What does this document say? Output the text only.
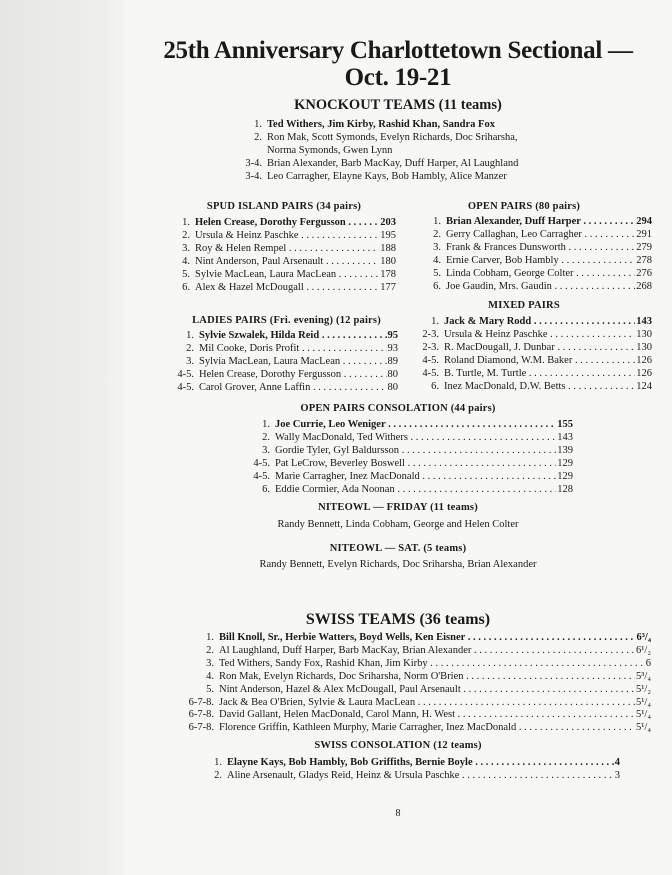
25th Anniversary Charlottetown Sectional —
Oct. 19-21
KNOCKOUT TEAMS (11 teams)
1. Ted Withers, Jim Kirby, Rashid Khan, Sandra Fox
2. Ron Mak, Scott Symonds, Evelyn Richards, Doc Sriharsha,
Norma Symonds, Gwen Lynn
3-4. Brian Alexander, Barb MacKay, Duff Harper, Al Laughland
3-4. Leo Carragher, Elayne Kays, Bob Hambly, Alice Manzer
SPUD ISLAND PAIRS (34 pairs)
1. Helen Crease, Dorothy Fergusson . . .	203
2. Ursula & Heinz Paschke . . .	195
3. Roy & Helen Rempel . . .	188
4. Nint Anderson, Paul Arsenault . . .	180
5. Sylvie MacLean, Laura MacLean . . .	178
6. Alex & Hazel McDougall . . .	177
OPEN PAIRS (80 pairs)
1. Brian Alexander, Duff Harper . . .	294
2. Gerry Callaghan, Leo Carragher . . .	291
3. Frank & Frances Dunsworth . . .	279
4. Ernie Carver, Bob Hambly . . .	278
5. Linda Cobham, George Colter . . .	276
6. Joe Gaudin, Mrs. Gaudin . . .	268
LADIES PAIRS (Fri. evening) (12 pairs)
1. Sylvie Szwalek, Hilda Reid . . .	95
2. Mil Cooke, Doris Profit . . .	93
3. Sylvia MacLean, Laura MacLean . . .	89
4-5. Helen Crease, Dorothy Fergusson . . .	80
4-5. Carol Grover, Anne Laffin . . .	80
MIXED PAIRS
1. Jack & Mary Rodd . . .	143
2-3. Ursula & Heinz Paschke . . .	130
2-3. R. MacDougall, J. Dunbar . . .	130
4-5. Roland Diamond, W.M. Baker . . .	126
4-5. B. Turtle, M. Turtle . . .	126
6. Inez MacDonald, D.W. Betts . . .	124
OPEN PAIRS CONSOLATION (44 pairs)
1. Joe Currie, Leo Weniger . . .	155
2. Wally MacDonald, Ted Withers . . .	143
3. Gordie Tyler, Gyl Baldursson . . .	139
4-5. Pat LeCrow, Beverley Boswell . . .	129
4-5. Marie Carragher, Inez MacDonald . . .	129
6. Eddie Cormier, Ada Noonan . . .	128
NITEOWL — FRIDAY (11 teams)
Randy Bennett, Linda Cobham, George and Helen Colter
NITEOWL — SAT. (5 teams)
Randy Bennett, Evelyn Richards, Doc Sriharsha, Brian Alexander
SWISS TEAMS (36 teams)
1. Bill Knoll, Sr., Herbie Watters, Boyd Wells, Ken Eisner . . .	6³/₄
2. Al Laughland, Duff Harper, Barb MacKay, Brian Alexander . . .	6¹/₂
3. Ted Withers, Sandy Fox, Rashid Khan, Jim Kirby . . .	6
4. Ron Mak, Evelyn Richards, Doc Sriharsha, Norm O'Brien . . .	5³/₄
5. Nint Anderson, Hazel & Alex McDougall, Paul Arsenault . . .	5¹/₂
6-7-8. Jack & Bea O'Brien, Sylvie & Laura MacLean . . .	5¹/₄
6-7-8. David Gallant, Helen MacDonald, Carol Mann, H. West . . .	5¹/₄
6-7-8. Florence Griffin, Kathleen Murphy, Marie Carragher, Inez MacDonald . . .	5¹/₄
SWISS CONSOLATION (12 teams)
1. Elayne Kays, Bob Hambly, Bob Griffiths, Bernie Boyle . . .	4
2. Aline Arsenault, Gladys Reid, Heinz & Ursula Paschke . . .	3
8
